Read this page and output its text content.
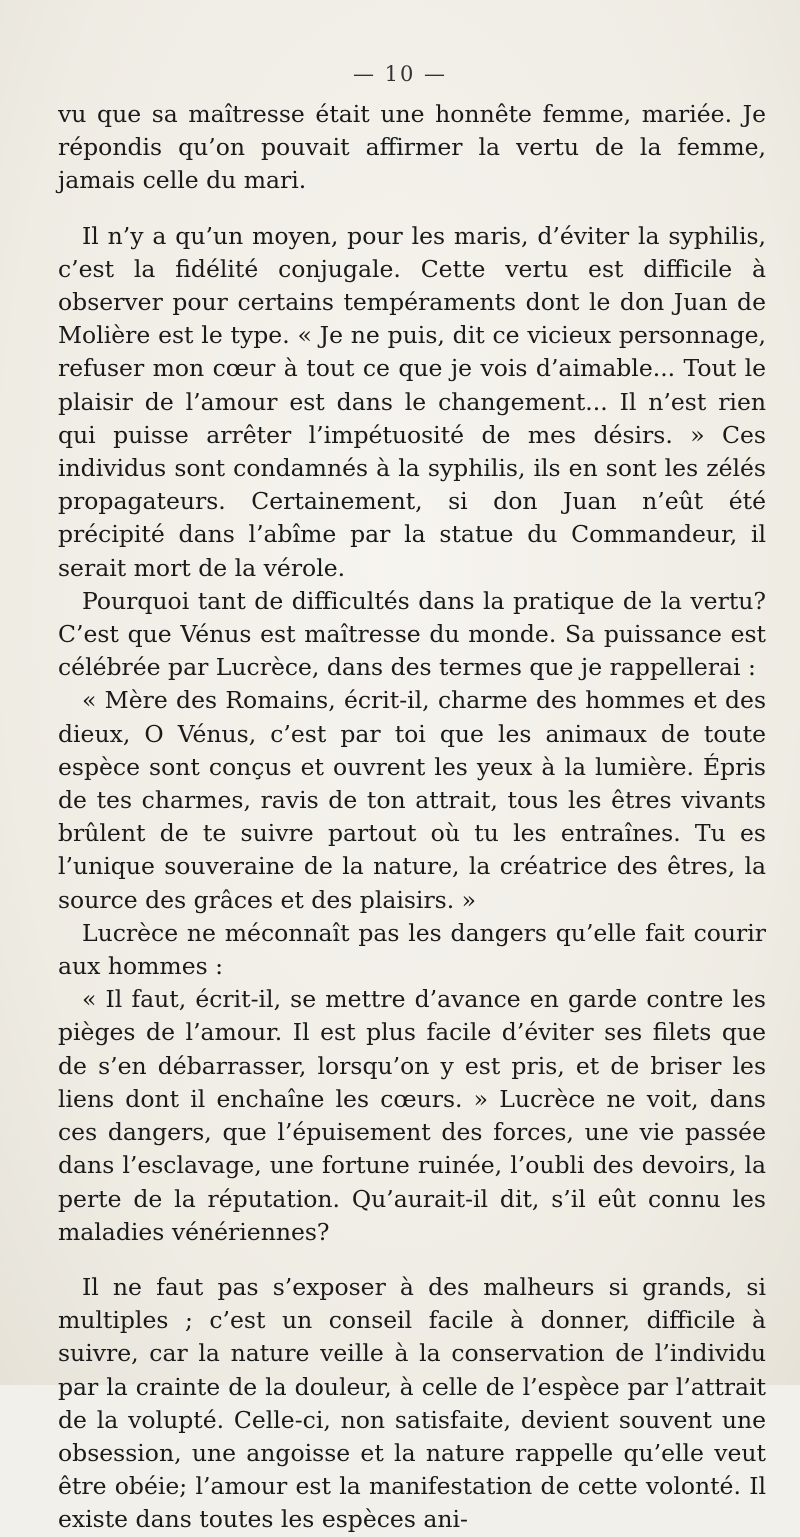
— 10 —

vu que sa maîtresse était une honnête femme, mariée. Je répondis qu’on pouvait affirmer la vertu de la femme, jamais celle du mari.

Il n’y a qu’un moyen, pour les maris, d’éviter la syphilis, c’est la fidélité conjugale. Cette vertu est difficile à observer pour certains tempéraments dont le don Juan de Molière est le type. « Je ne puis, dit ce vicieux personnage, refuser mon cœur à tout ce que je vois d’aimable... Tout le plaisir de l’amour est dans le changement... Il n’est rien qui puisse arrêter l’impétuosité de mes désirs. » Ces individus sont condamnés à la syphilis, ils en sont les zélés propagateurs. Certainement, si don Juan n’eût été précipité dans l’abîme par la statue du Commandeur, il serait mort de la vérole.

Pourquoi tant de difficultés dans la pratique de la vertu? C’est que Vénus est maîtresse du monde. Sa puissance est célébrée par Lucrèce, dans des termes que je rappellerai :

« Mère des Romains, écrit-il, charme des hommes et des dieux, O Vénus, c’est par toi que les animaux de toute espèce sont conçus et ouvrent les yeux à la lumière. Épris de tes charmes, ravis de ton attrait, tous les êtres vivants brûlent de te suivre partout où tu les entraînes. Tu es l’unique souveraine de la nature, la créatrice des êtres, la source des grâces et des plaisirs. »

Lucrèce ne méconnaît pas les dangers qu’elle fait courir aux hommes :

« Il faut, écrit-il, se mettre d’avance en garde contre les pièges de l’amour. Il est plus facile d’éviter ses filets que de s’en débarrasser, lorsqu’on y est pris, et de briser les liens dont il enchaîne les cœurs. » Lucrèce ne voit, dans ces dangers, que l’épuisement des forces, une vie passée dans l’esclavage, une fortune ruinée, l’oubli des devoirs, la perte de la réputation. Qu’aurait-il dit, s’il eût connu les maladies vénériennes?

Il ne faut pas s’exposer à des malheurs si grands, si multiples ; c’est un conseil facile à donner, difficile à suivre, car la nature veille à la conservation de l’individu par la crainte de la douleur, à celle de l’espèce par l’attrait de la volupté. Celle-ci, non satisfaite, devient souvent une obsession, une angoisse et la nature rappelle qu’elle veut être obéie; l’amour est la manifestation de cette volonté. Il existe dans toutes les espèces ani-
